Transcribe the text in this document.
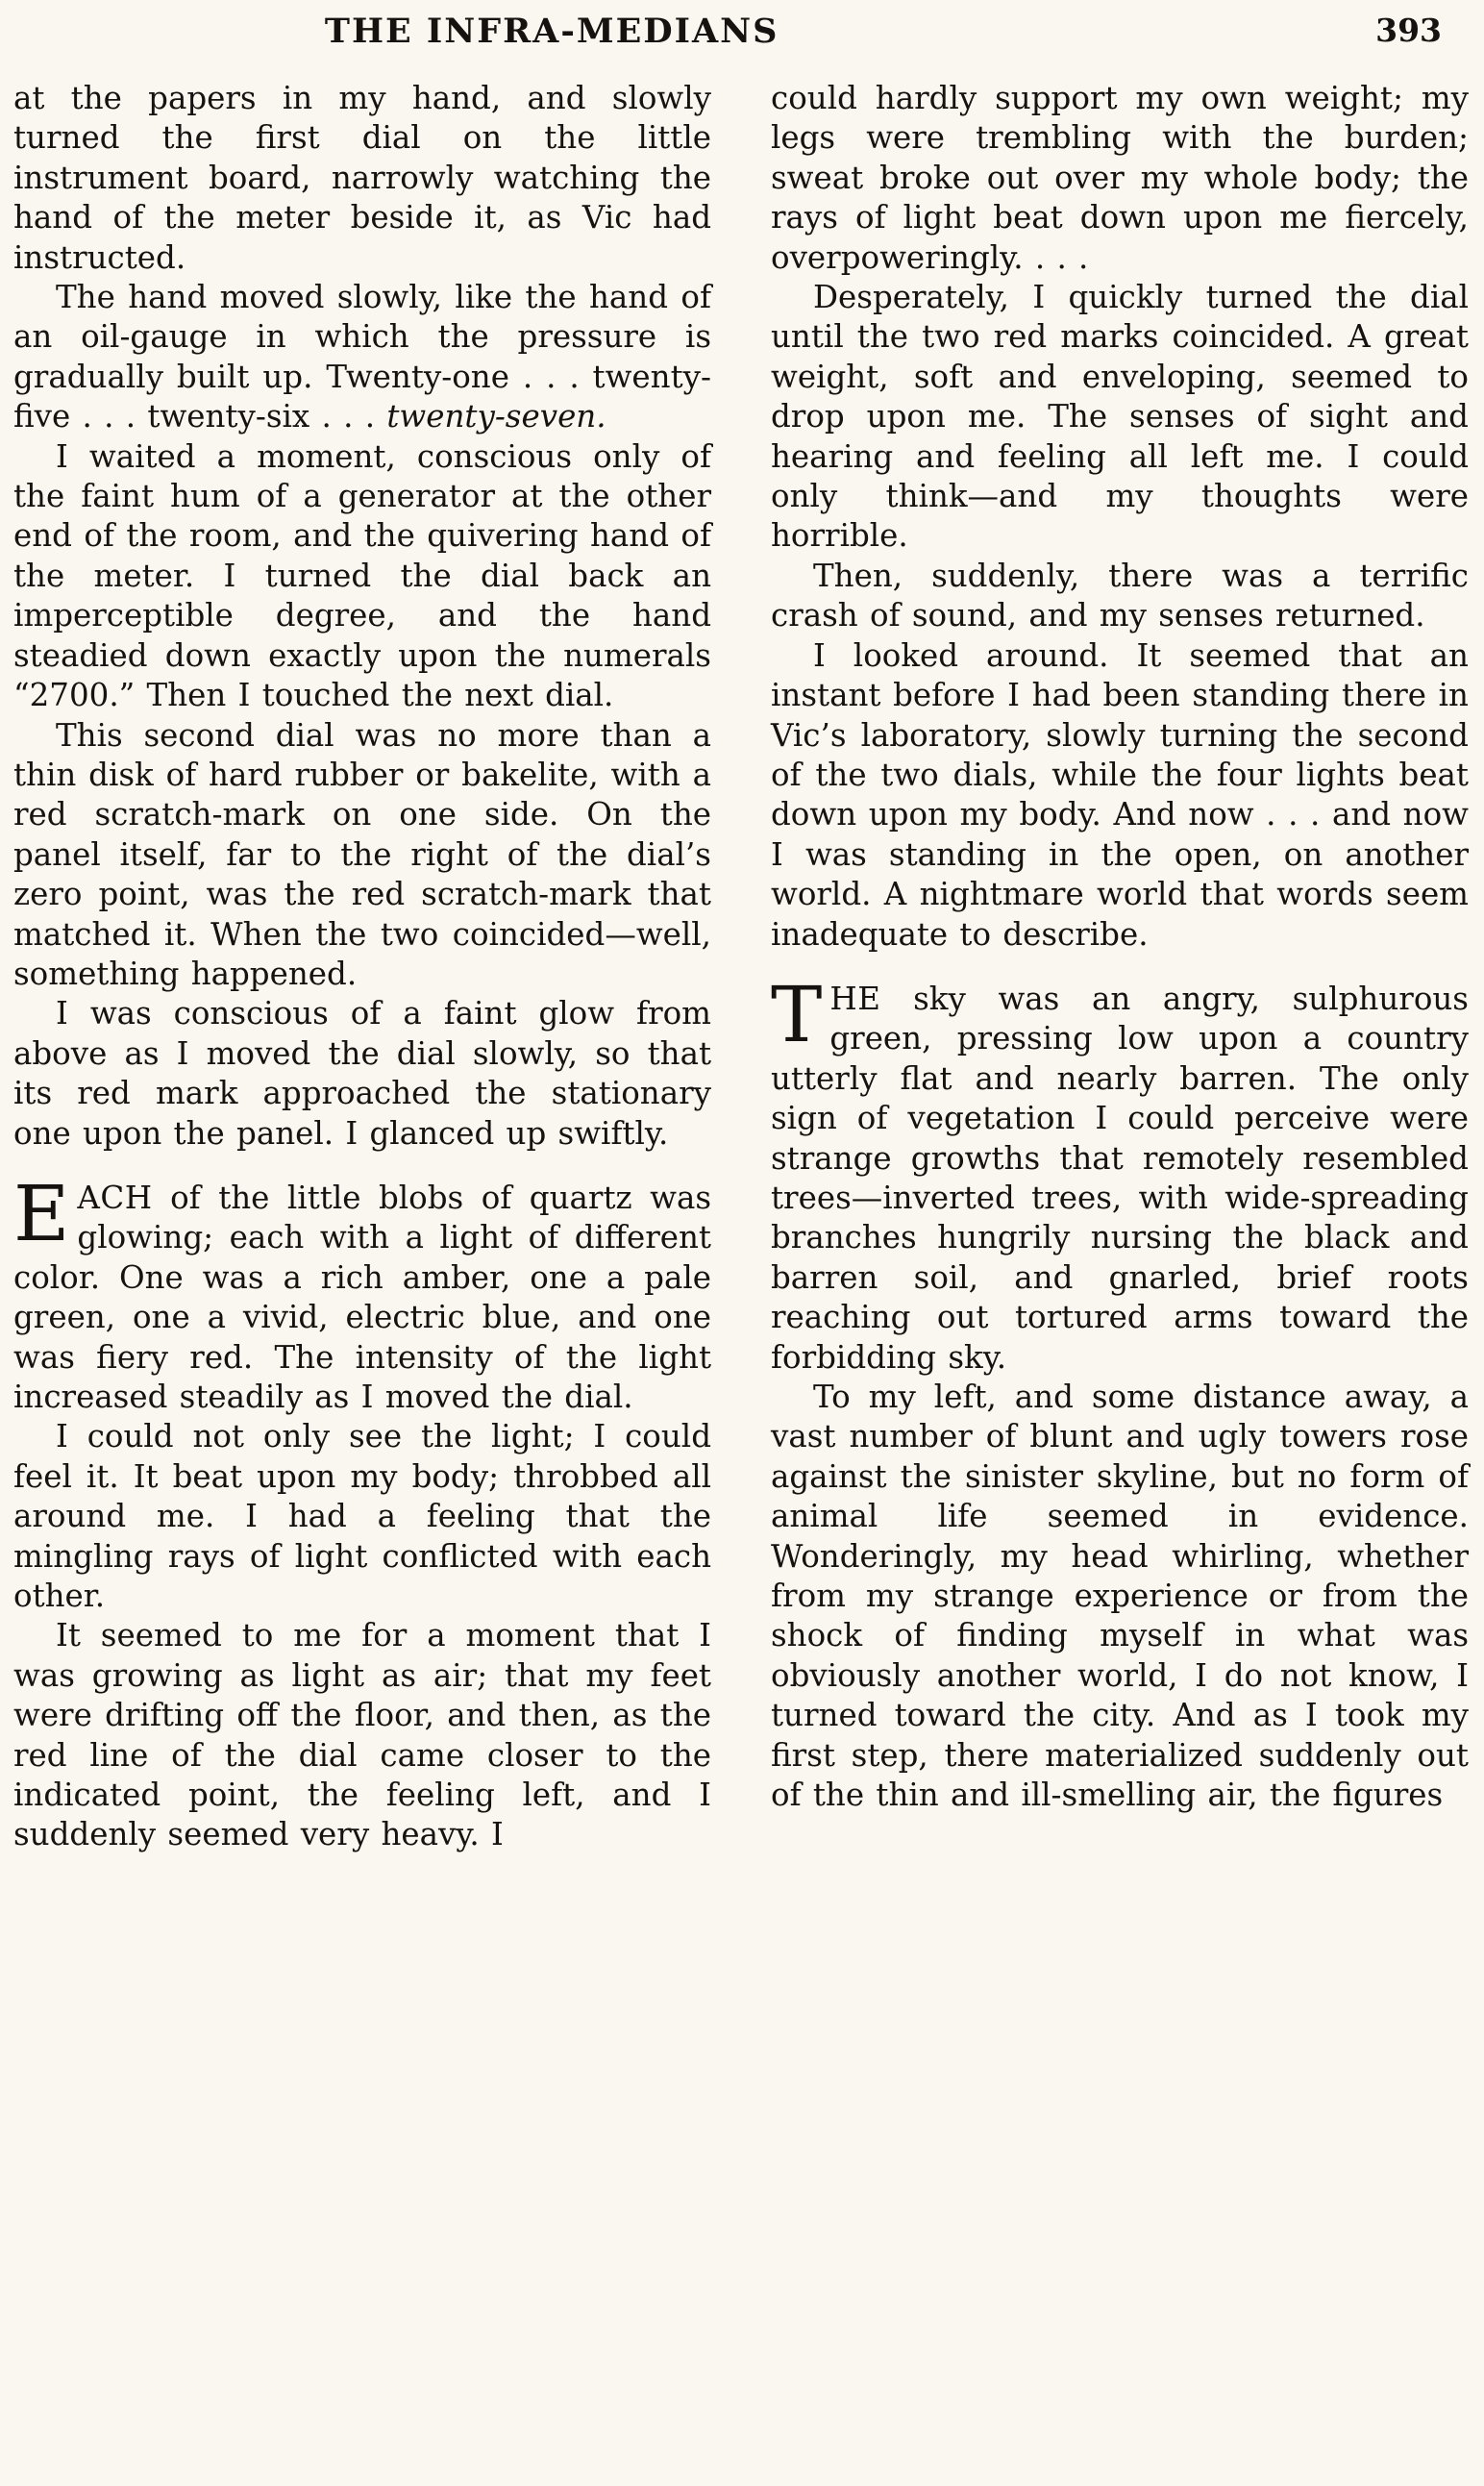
THE INFRA-MEDIANS	393

at the papers in my hand, and slowly turned the first dial on the little instrument board, narrowly watching the hand of the meter beside it, as Vic had instructed.

The hand moved slowly, like the hand of an oil-gauge in which the pressure is gradually built up. Twenty-one . . . twenty-five . . . twenty-six . . . twenty-seven.

I waited a moment, conscious only of the faint hum of a generator at the other end of the room, and the quivering hand of the meter. I turned the dial back an imperceptible degree, and the hand steadied down exactly upon the numerals “2700.” Then I touched the next dial.

This second dial was no more than a thin disk of hard rubber or bakelite, with a red scratch-mark on one side. On the panel itself, far to the right of the dial’s zero point, was the red scratch-mark that matched it. When the two coincided—well, something happened.

I was conscious of a faint glow from above as I moved the dial slowly, so that its red mark approached the stationary one upon the panel. I glanced up swiftly.

EACH of the little blobs of quartz was glowing; each with a light of different color. One was a rich amber, one a pale green, one a vivid, electric blue, and one was fiery red. The intensity of the light increased steadily as I moved the dial.

I could not only see the light; I could feel it. It beat upon my body; throbbed all around me. I had a feeling that the mingling rays of light conflicted with each other.

It seemed to me for a moment that I was growing as light as air; that my feet were drifting off the floor, and then, as the red line of the dial came closer to the indicated point, the feeling left, and I suddenly seemed very heavy. I

could hardly support my own weight; my legs were trembling with the burden; sweat broke out over my whole body; the rays of light beat down upon me fiercely, overpoweringly. . . .

Desperately, I quickly turned the dial until the two red marks coincided. A great weight, soft and enveloping, seemed to drop upon me. The senses of sight and hearing and feeling all left me. I could only think—and my thoughts were horrible.

Then, suddenly, there was a terrific crash of sound, and my senses returned.

I looked around. It seemed that an instant before I had been standing there in Vic’s laboratory, slowly turning the second of the two dials, while the four lights beat down upon my body. And now . . . and now I was standing in the open, on another world. A nightmare world that words seem inadequate to describe.

THE sky was an angry, sulphurous green, pressing low upon a country utterly flat and nearly barren. The only sign of vegetation I could perceive were strange growths that remotely resembled trees—inverted trees, with wide-spreading branches hungrily nursing the black and barren soil, and gnarled, brief roots reaching out tortured arms toward the forbidding sky.

To my left, and some distance away, a vast number of blunt and ugly towers rose against the sinister skyline, but no form of animal life seemed in evidence. Wonderingly, my head whirling, whether from my strange experience or from the shock of finding myself in what was obviously another world, I do not know, I turned toward the city. And as I took my first step, there materialized suddenly out of the thin and ill-smelling air, the figures
